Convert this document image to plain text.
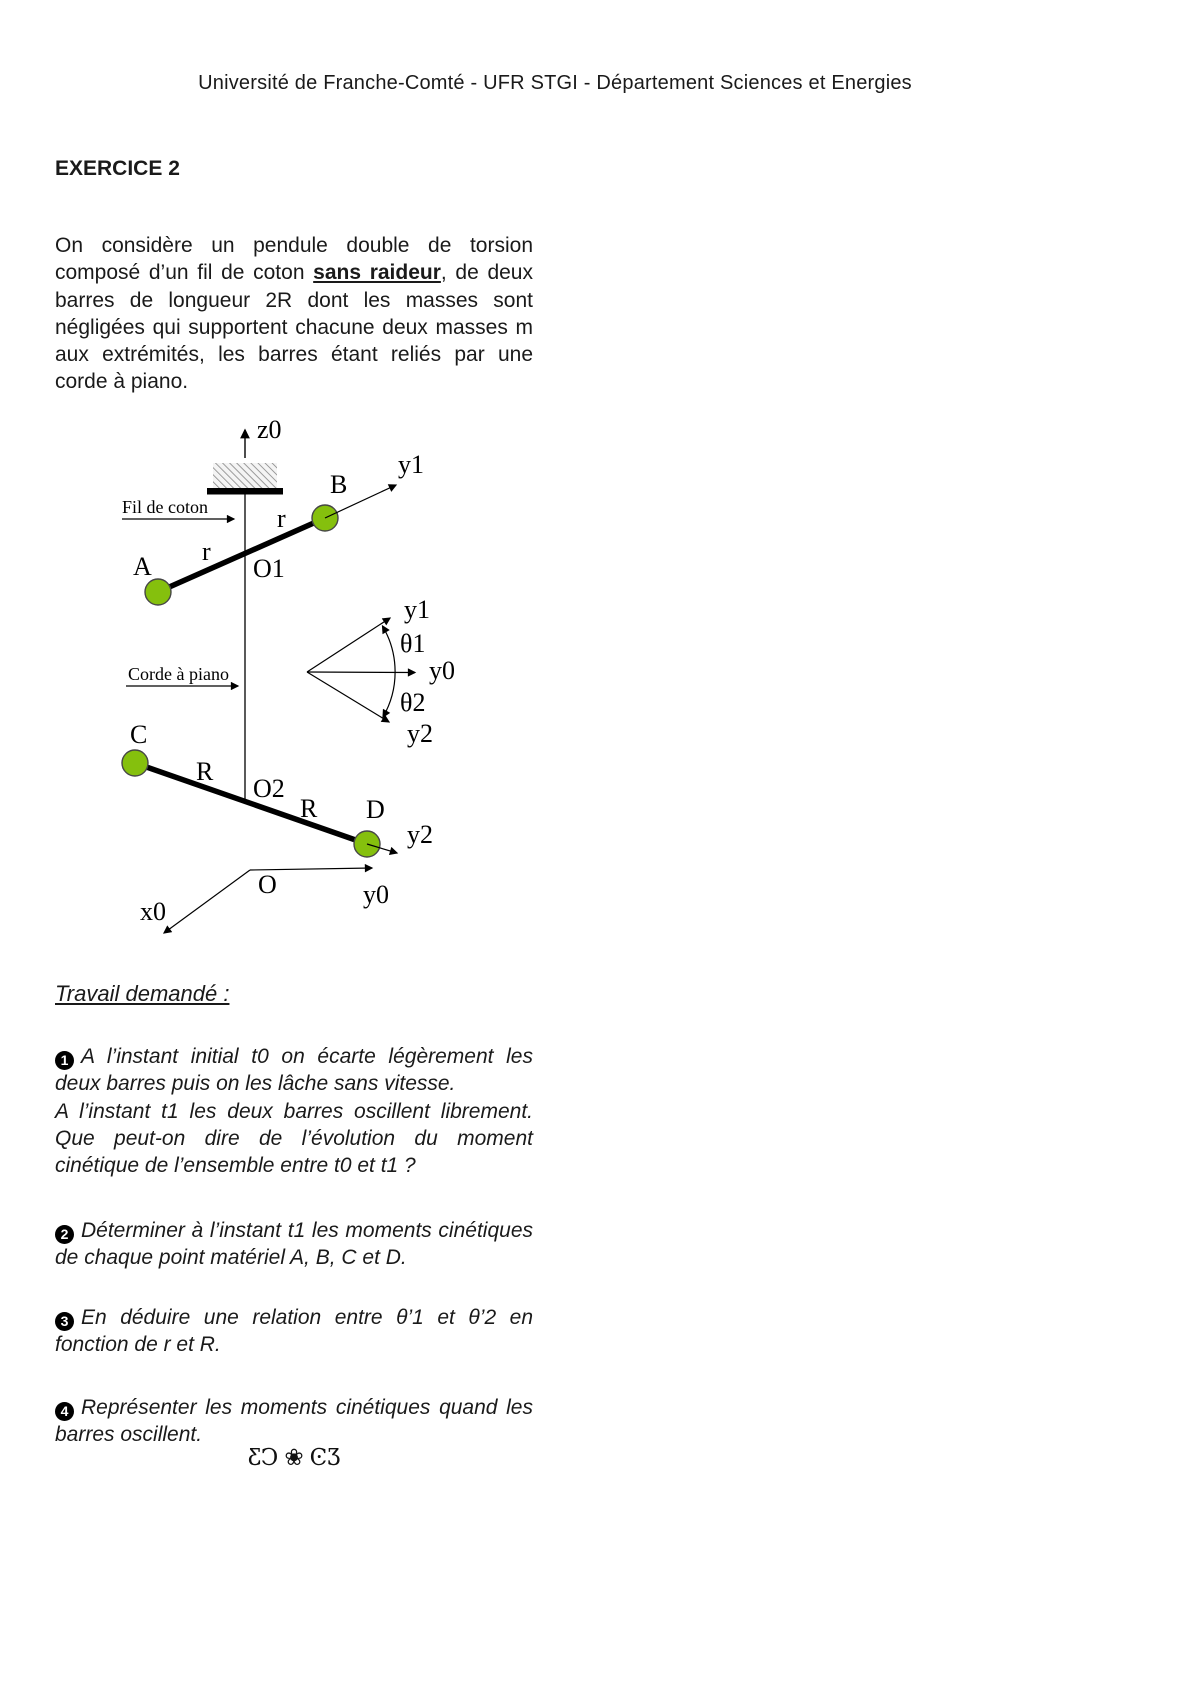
Université de Franche-Comté - UFR STGI - Département Sciences et Energies
EXERCICE 2

On considère un pendule double de torsion composé d’un fil de coton sans raideur, de deux barres de longueur 2R dont les masses sont négligées qui supportent chacune deux masses m aux extrémités, les barres étant reliés par une corde à piano.

z0
Fil de coton
y1
B
r
r
A	O1
y1
θ1
y0
θ2
y2
Corde à piano
C
R
O2
R D
y2
O	y0
x0
Travail demandé :

1 A l’instant initial t0 on écarte légèrement les deux barres puis on les lâche sans vitesse.

A l’instant t1 les deux barres oscillent librement. Que peut-on dire de l’évolution du moment cinétique de l’ensemble entre t0 et t1 ?

2 Déterminer à l’instant t1 les moments cinétiques de chaque point matériel A, B, C et D.

3 En déduire une relation entre θ’1 et θ’2 en fonction de r et R.

4 Représenter les moments cinétiques quand les barres oscillent.

ƸϽ ❀ ϾƷ
